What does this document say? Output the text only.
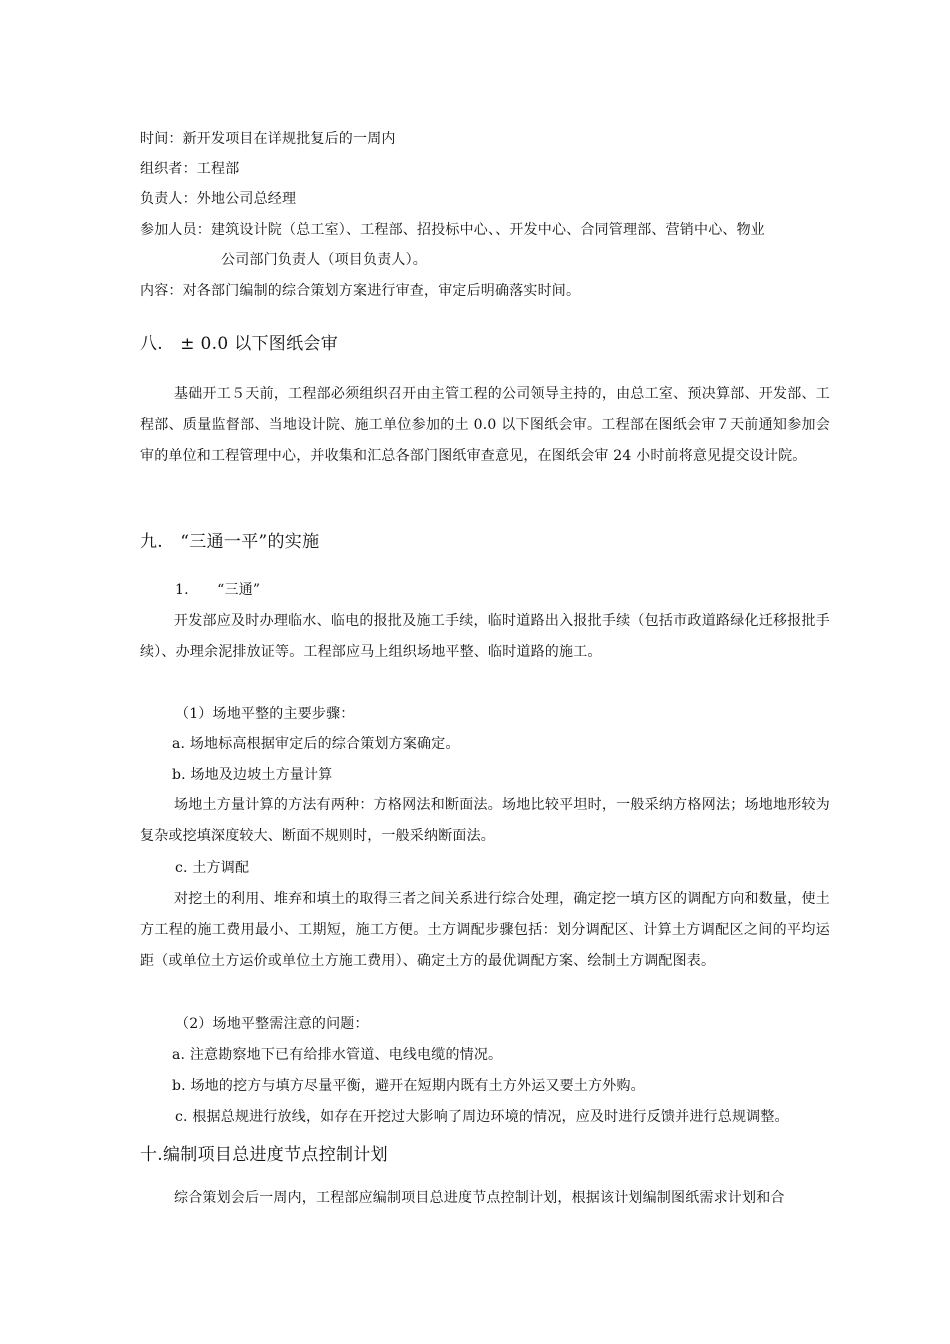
时间：新开发项目在详规批复后的一周内
组织者：工程部
负责人：外地公司总经理
参加人员：建筑设计院（总工室）、工程部、招投标中心、、开发中心、合同管理部、营销中心、物业
公司部门负责人（项目负责人）。
内容：对各部门编制的综合策划方案进行审查，审定后明确落实时间。
八.　± 0.0 以下图纸会审
基础开工５天前，工程部必须组织召开由主管工程的公司领导主持的，由总工室、预决算部、开发部、工程部、质量监督部、当地设计院、施工单位参加的土 0.0 以下图纸会审。工程部在图纸会审７天前通知参加会审的单位和工程管理中心，并收集和汇总各部门图纸审查意见，在图纸会审 24 小时前将意见提交设计院。
九.　“三通一平”的实施
1.　　“三通”
开发部应及时办理临水、临电的报批及施工手续，临时道路出入报批手续（包括市政道路绿化迁移报批手续）、办理余泥排放证等。工程部应马上组织场地平整、临时道路的施工。
（1）场地平整的主要步骤：
a. 场地标高根据审定后的综合策划方案确定。
b. 场地及边坡土方量计算
场地土方量计算的方法有两种：方格网法和断面法。场地比较平坦时，一般采纳方格网法；场地地形较为复杂或挖填深度较大、断面不规则时，一般采纳断面法。
c. 土方调配
对挖土的利用、堆弃和填土的取得三者之间关系进行综合处理，确定挖一填方区的调配方向和数量，使土方工程的施工费用最小、工期短，施工方便。土方调配步骤包括：划分调配区、计算土方调配区之间的平均运距（或单位土方运价或单位土方施工费用）、确定土方的最优调配方案、绘制土方调配图表。
（2）场地平整需注意的问题：
a. 注意勘察地下已有给排水管道、电线电缆的情况。
b. 场地的挖方与填方尽量平衡，避开在短期内既有土方外运又要土方外购。
c. 根据总规进行放线，如存在开挖过大影响了周边环境的情况，应及时进行反馈并进行总规调整。
十.编制项目总进度节点控制计划
综合策划会后一周内，工程部应编制项目总进度节点控制计划，根据该计划编制图纸需求计划和合
